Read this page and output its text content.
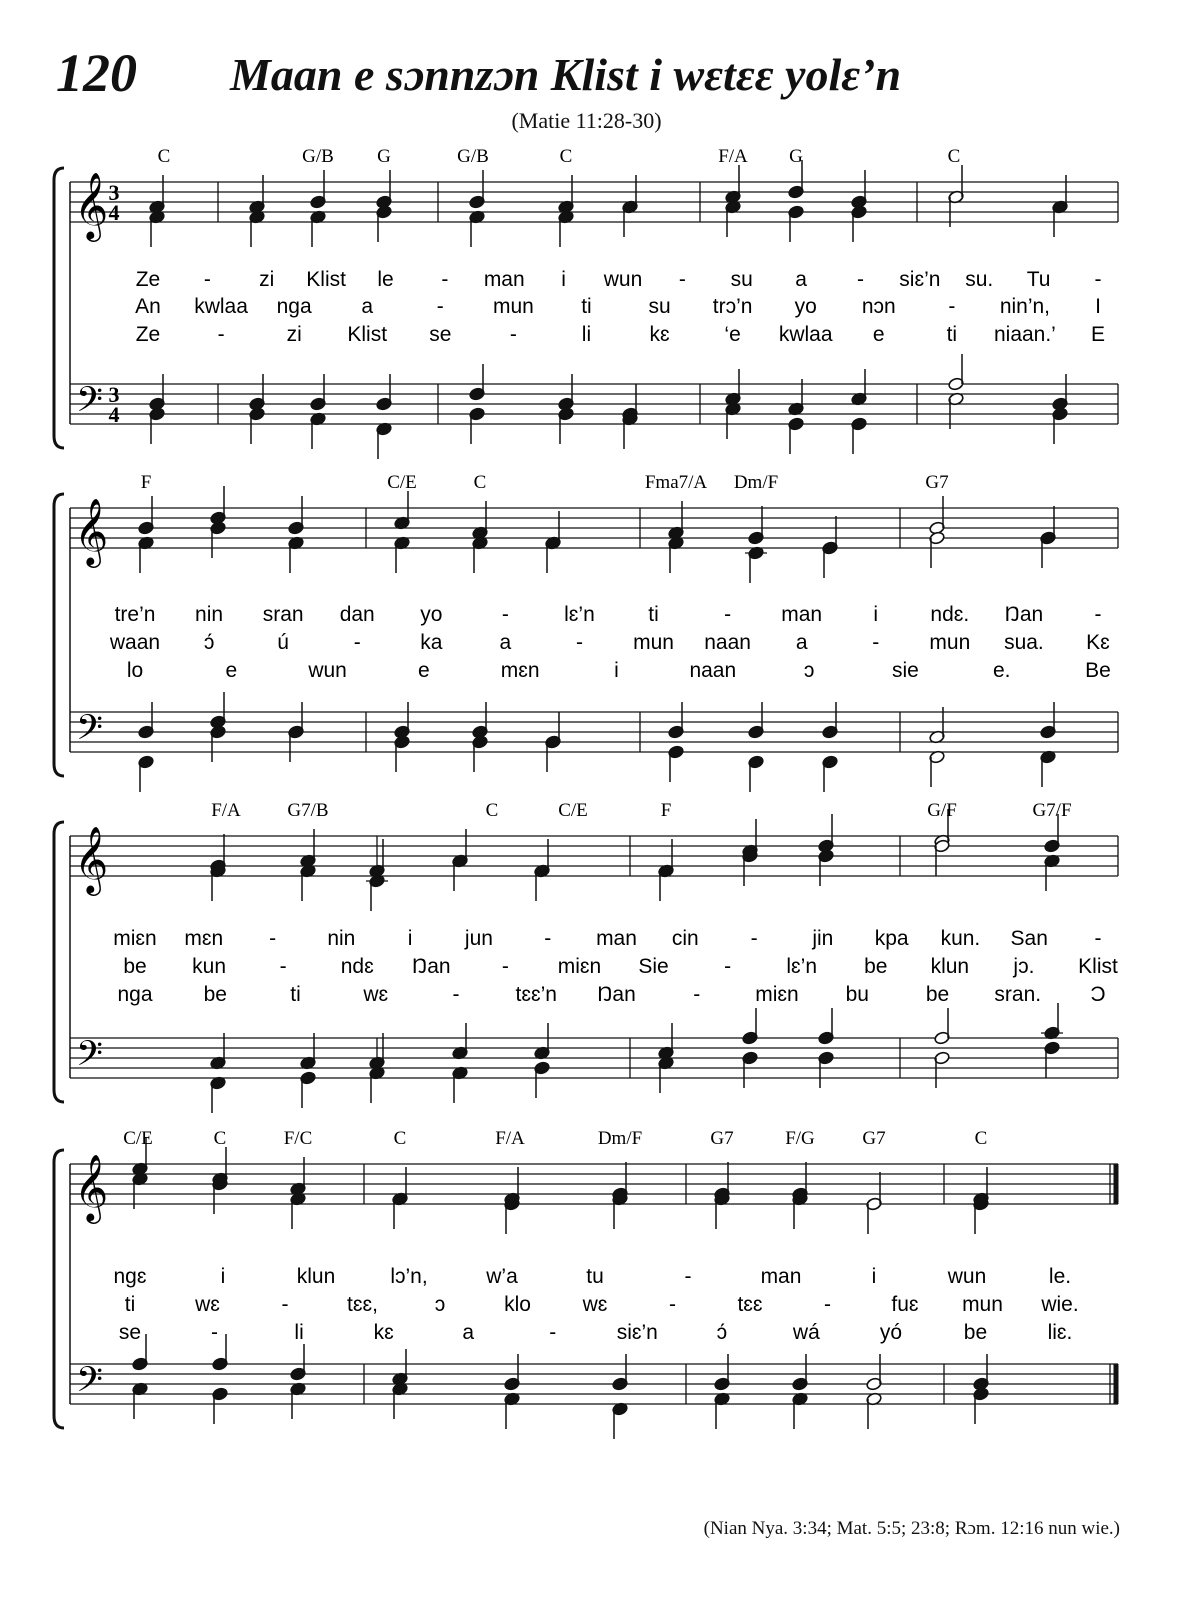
120 Maan e sɔnnzɔn Klist i wɛtɛɛ yolɛ’n
(Matie 11:28-30)
𝄞
𝄢
3
4
3
4
C	G/B G	G/B	C	F/A G	C
Ze - zi Klist le - man i wun - su a - siɛ’n su. Tu -
An kwlaa nga a	- mun ti	su trɔ’n yo nɔn	- nin’n, I
Ze	-	zi Klist se	-	li	kɛ	‘e kwlaa e	ti niaan.’ E
𝄞
𝄢
F	C/E	C	Fma7/A Dm/F	G7
tre’n nin sran dan yo	-	lɛ’n	ti	- man i ndɛ. Ŋan -
waan ɔ́	ú	-	ka	a	- mun naan a	- mun sua. Kɛ
lo	e	wun	e	mɛn	i	naan	ɔ	sie	e.	Be
𝄞
𝄢
F/A G7/B	C	C/E	F	G/F	G7/F
miɛn mɛn - nin i jun - man cin -	jin kpa kun. San -
be kun	-	ndɛ Ŋan - miɛn Sie	-	lɛ’n be klun jɔ. Klist
nga be	ti	wɛ	-	tɛɛ’n Ŋan	-	miɛn bu	be sran. Ɔ
𝄞
𝄢
C/E	C	F/C	C	F/A	Dm/F	G7	F/G	G7	C
ngɛ	i	klun	lɔ’n,	w’a	tu	-	man	i	wun	le.
ti	wɛ	-	tɛɛ,	ɔ	klo wɛ	-	tɛɛ	-	fuɛ mun wie.
se	-	li	kɛ	a	-	siɛ’n	ɔ́	wá	yó	be	liɛ.
(Nian Nya. 3:34; Mat. 5:5; 23:8; Rɔm. 12:16 nun wie.)
